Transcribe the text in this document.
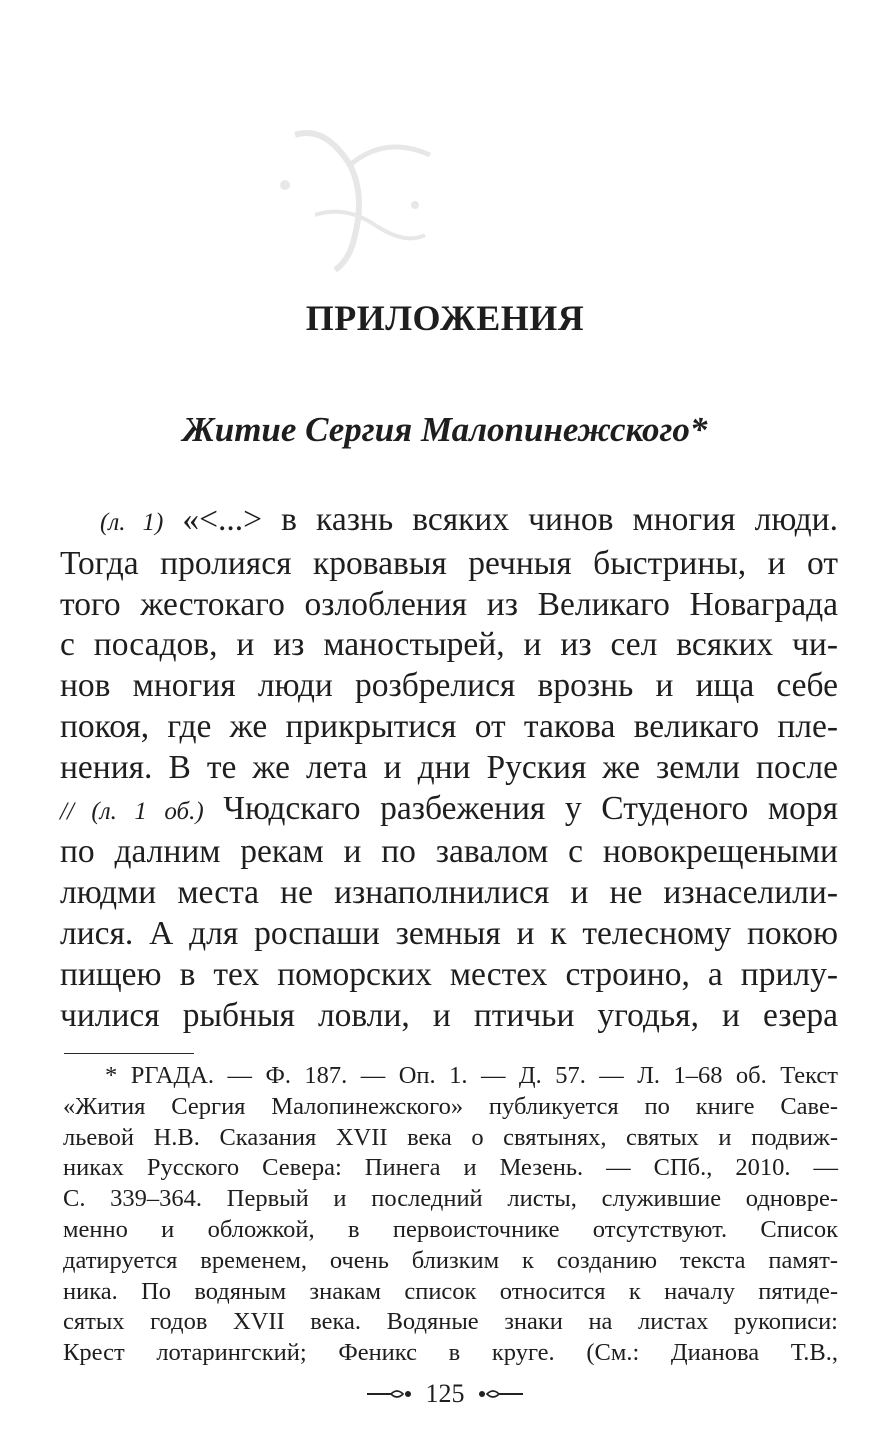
ПРИЛОЖЕНИЯ
Житие Сергия Малопинежского*
(л. 1) «<...> в казнь всяких чинов многия люди.
Тогда пролияся кровавыя речныя быстрины, и от
того жестокаго озлобления из Великаго Новаграда
с посадов, и из маностырей, и из сел всяких чи-
нов многия люди розбрелися врознь и ища себе
покоя, где же прикрытися от такова великаго пле-
нения. В те же лета и дни Руския же земли после
// (л. 1 об.) Чюдскаго разбежения у Студеного моря
по далним рекам и по завалом с новокрещеными
людми места не изнаполнилися и не изнаселили-
лися. А для роспаши земныя и к телесному покою
пищею в тех поморских местех строино, а прилу-
чилися рыбныя ловли, и птичьи угодья, и езера
* РГАДА. — Ф. 187. — Оп. 1. — Д. 57. — Л. 1–68 об. Текст
«Жития Сергия Малопинежского» публикуется по книге Саве-
льевой Н.В. Сказания XVII века о святынях, святых и подвиж-
никах Русского Севера: Пинега и Мезень. — СПб., 2010. —
С. 339–364. Первый и последний листы, служившие одновре-
менно и обложкой, в первоисточнике отсутствуют. Список
датируется временем, очень близким к созданию текста памят-
ника. По водяным знакам список относится к началу пятиде-
сятых годов XVII века. Водяные знаки на листах рукописи:
Крест лотарингский; Феникс в круге. (См.: Дианова Т.В.,
125
